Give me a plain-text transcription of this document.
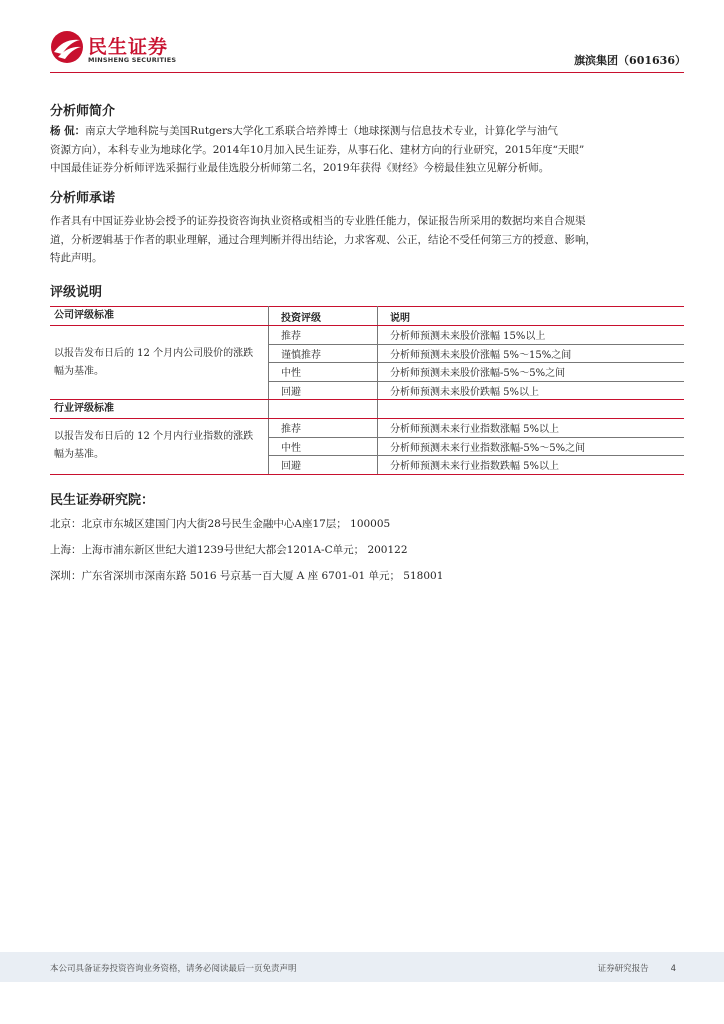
民生证券
MINSHENG SECURITIES	旗滨集团（601636）
分析师简介
杨 侃：南京大学地科院与美国Rutgers大学化工系联合培养博士（地球探测与信息技术专业，计算化学与油气
资源方向），本科专业为地球化学。2014年10月加入民生证券，从事石化、建材方向的行业研究，2015年度“天眼”
中国最佳证券分析师评选采掘行业最佳选股分析师第二名，2019年获得《财经》今榜最佳独立见解分析师。
分析师承诺
作者具有中国证券业协会授予的证券投资咨询执业资格或相当的专业胜任能力，保证报告所采用的数据均来自合规渠
道，分析逻辑基于作者的职业理解，通过合理判断并得出结论，力求客观、公正，结论不受任何第三方的授意、影响，
特此声明。
评级说明
公司评级标准	投资评级	说明
以报告发布日后的 12 个月内公司股价的涨跌幅为基准。	推荐	分析师预测未来股价涨幅 15%以上
	谨慎推荐	分析师预测未来股价涨幅 5%～15%之间
	中性	分析师预测未来股价涨幅-5%～5%之间
	回避	分析师预测未来股价跌幅 5%以上
行业评级标准		
以报告发布日后的 12 个月内行业指数的涨跌幅为基准。	推荐	分析师预测未来行业指数涨幅 5%以上
	中性	分析师预测未来行业指数涨幅-5%～5%之间
	回避	分析师预测未来行业指数跌幅 5%以上
民生证券研究院：
北京：北京市东城区建国门内大街28号民生金融中心A座17层； 100005
上海：上海市浦东新区世纪大道1239号世纪大都会1201A-C单元； 200122
深圳：广东省深圳市深南东路 5016 号京基一百大厦 A 座 6701-01 单元； 518001
本公司具备证券投资咨询业务资格，请务必阅读最后一页免责声明	证券研究报告	4
